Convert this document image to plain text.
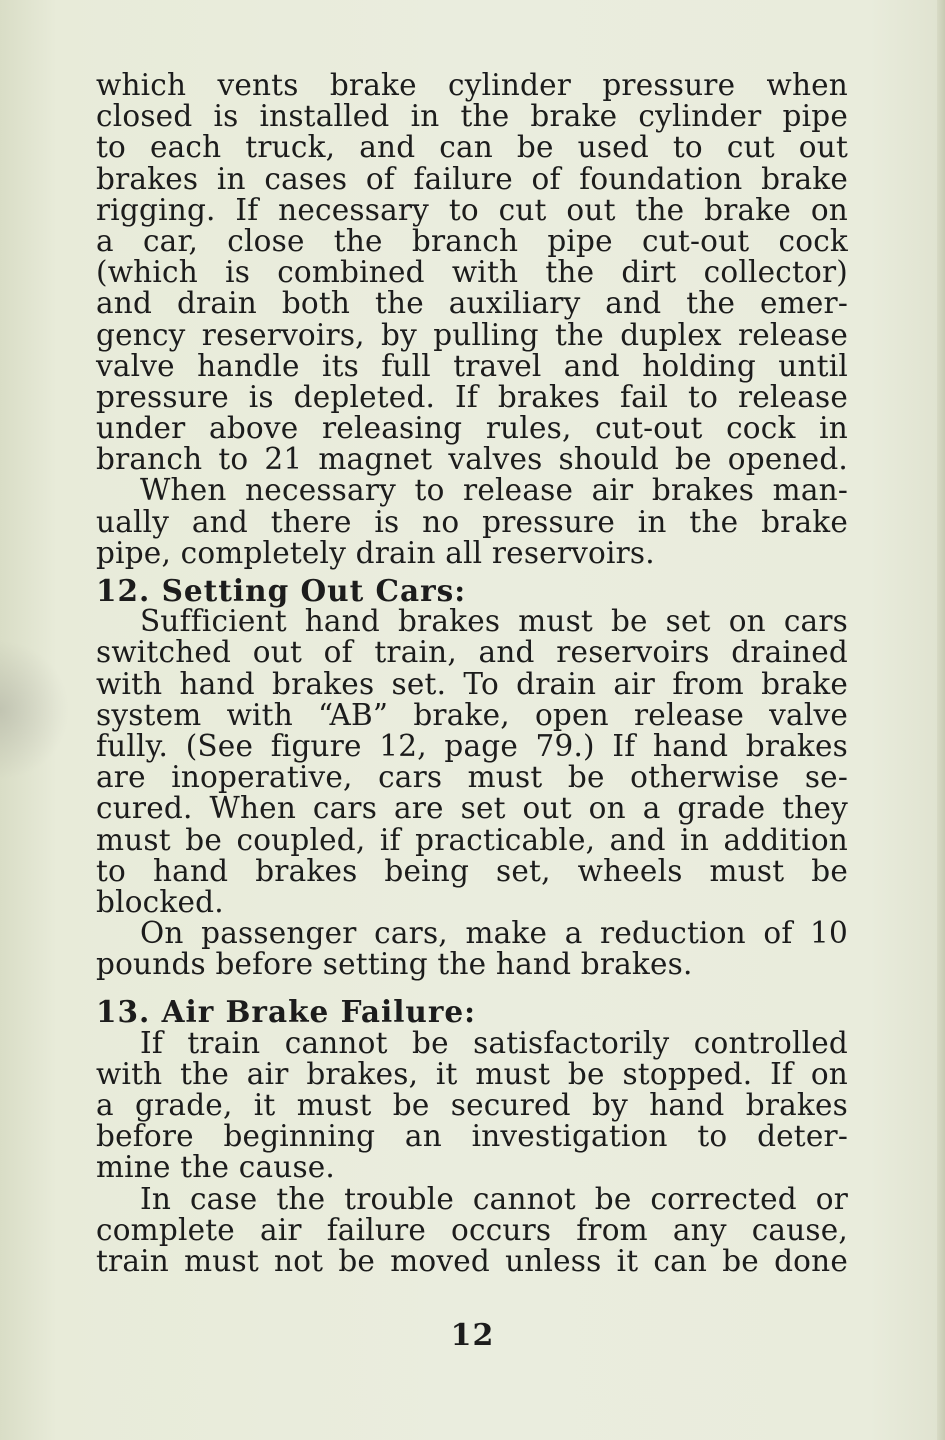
which vents brake cylinder pressure when
closed is installed in the brake cylinder pipe
to each truck, and can be used to cut out
brakes in cases of failure of foundation brake
rigging. If necessary to cut out the brake on
a car, close the branch pipe cut-out cock
(which is combined with the dirt collector)
and drain both the auxiliary and the emer-
gency reservoirs, by pulling the duplex release
valve handle its full travel and holding until
pressure is depleted. If brakes fail to release
under above releasing rules, cut-out cock in
branch to 21 magnet valves should be opened.
When necessary to release air brakes man-
ually and there is no pressure in the brake
pipe, completely drain all reservoirs.
12. Setting Out Cars:
Sufficient hand brakes must be set on cars
switched out of train, and reservoirs drained
with hand brakes set. To drain air from brake
system with “AB” brake, open release valve
fully. (See figure 12, page 79.) If hand brakes
are inoperative, cars must be otherwise se-
cured. When cars are set out on a grade they
must be coupled, if practicable, and in addition
to hand brakes being set, wheels must be
blocked.
On passenger cars, make a reduction of 10
pounds before setting the hand brakes.
13. Air Brake Failure:
If train cannot be satisfactorily controlled
with the air brakes, it must be stopped. If on
a grade, it must be secured by hand brakes
before beginning an investigation to deter-
mine the cause.
In case the trouble cannot be corrected or
complete air failure occurs from any cause,
train must not be moved unless it can be done
12
